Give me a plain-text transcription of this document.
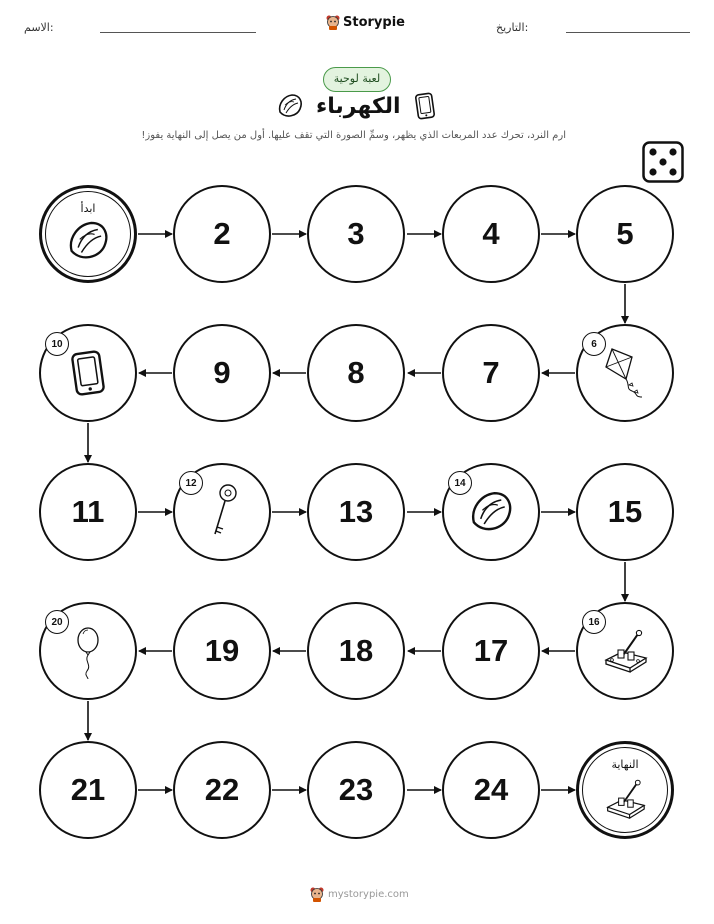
الاسم:	Storypie	التاريخ:
لعبة لوحية
الكهرباء
ارم النرد، تحرك عدد المربعات الذي يظهر، وسمِّ الصورة التي تقف عليها. أول من يصل إلى النهاية يفوز!
ابدأ
2	3	4	5
6
7
8
9
10
11
12
13
14
15
16
17
18
19
20
21	22	23	24
النهاية
mystorypie.com
